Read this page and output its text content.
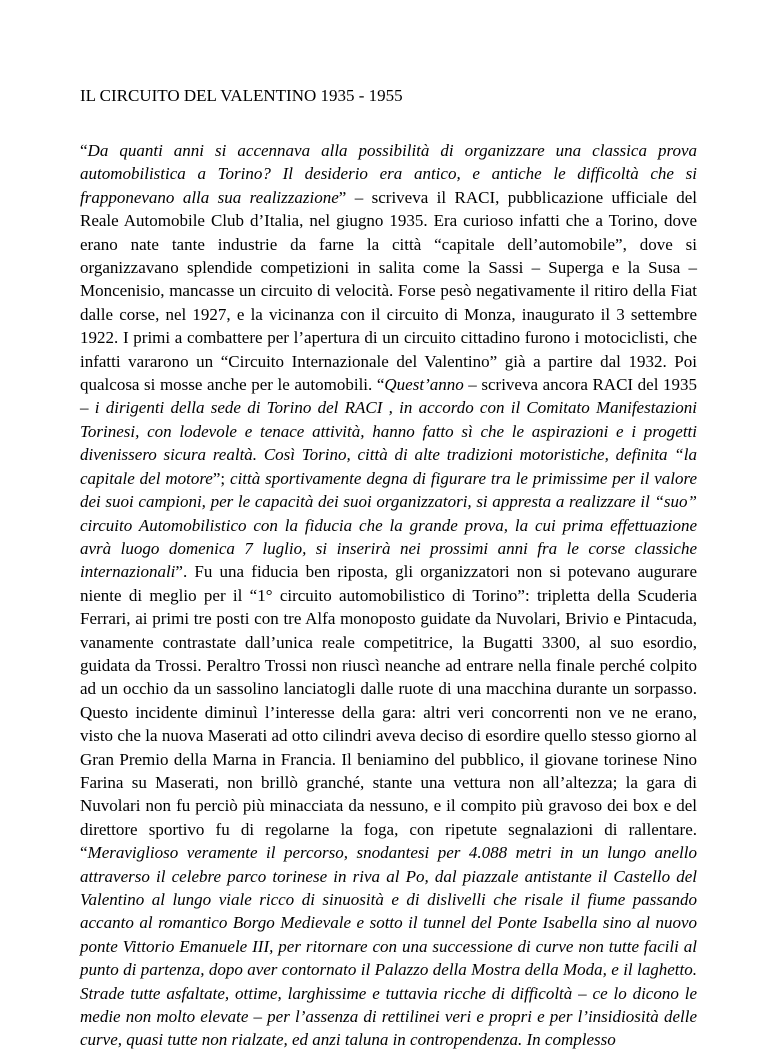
IL CIRCUITO DEL VALENTINO 1935 - 1955

“Da quanti anni si accennava alla possibilità di organizzare una classica prova automobilistica a Torino? Il desiderio era antico, e antiche le difficoltà che si frapponevano alla sua realizzazione” – scriveva il RACI, pubblicazione ufficiale del Reale Automobile Club d’Italia, nel giugno 1935. Era curioso infatti che a Torino, dove erano nate tante industrie da farne la città “capitale dell’automobile”, dove si organizzavano splendide competizioni in salita come la Sassi – Superga e la Susa – Moncenisio, mancasse un circuito di velocità. Forse pesò negativamente il ritiro della Fiat dalle corse, nel 1927, e la vicinanza con il circuito di Monza, inaugurato il 3 settembre 1922. I primi a combattere per l’apertura di un circuito cittadino furono i motociclisti, che infatti vararono un “Circuito Internazionale del Valentino” già a partire dal 1932. Poi qualcosa si mosse anche per le automobili. “Quest’anno – scriveva ancora RACI del 1935 – i dirigenti della sede di Torino del RACI , in accordo con il Comitato Manifestazioni Torinesi, con lodevole e tenace attività, hanno fatto sì che le aspirazioni e i progetti divenissero sicura realtà. Così Torino, città di alte tradizioni motoristiche, definita “la capitale del motore”; città sportivamente degna di figurare tra le primissime per il valore dei suoi campioni, per le capacità dei suoi organizzatori, si appresta a realizzare il “suo” circuito Automobilistico con la fiducia che la grande prova, la cui prima effettuazione avrà luogo domenica 7 luglio, si inserirà nei prossimi anni fra le corse classiche internazionali”. Fu una fiducia ben riposta, gli organizzatori non si potevano augurare niente di meglio per il “1° circuito automobilistico di Torino”: tripletta della Scuderia Ferrari, ai primi tre posti con tre Alfa monoposto guidate da Nuvolari, Brivio e Pintacuda, vanamente contrastate dall’unica reale competitrice, la Bugatti 3300, al suo esordio, guidata da Trossi. Peraltro Trossi non riuscì neanche ad entrare nella finale perché colpito ad un occhio da un sassolino lanciatogli dalle ruote di una macchina durante un sorpasso. Questo incidente diminuì l’interesse della gara: altri veri concorrenti non ve ne erano, visto che la nuova Maserati ad otto cilindri aveva deciso di esordire quello stesso giorno al Gran Premio della Marna in Francia. Il beniamino del pubblico, il giovane torinese Nino Farina su Maserati, non brillò granché, stante una vettura non all’altezza; la gara di Nuvolari non fu perciò più minacciata da nessuno, e il compito più gravoso dei box e del direttore sportivo fu di regolarne la foga, con ripetute segnalazioni di rallentare. “Meraviglioso veramente il percorso, snodantesi per 4.088 metri in un lungo anello attraverso il celebre parco torinese in riva al Po, dal piazzale antistante il Castello del Valentino al lungo viale ricco di sinuosità e di dislivelli che risale il fiume passando accanto al romantico Borgo Medievale e sotto il tunnel del Ponte Isabella sino al nuovo ponte Vittorio Emanuele III, per ritornare con una successione di curve non tutte facili al punto di partenza, dopo aver contornato il Palazzo della Mostra della Moda, e il laghetto. Strade tutte asfaltate, ottime, larghissime e tuttavia ricche di difficoltà – ce lo dicono le medie non molto elevate – per l’assenza di rettilinei veri e propri e per l’insidiosità delle curve, quasi tutte non rialzate, ed anzi taluna in contropendenza. In complesso
